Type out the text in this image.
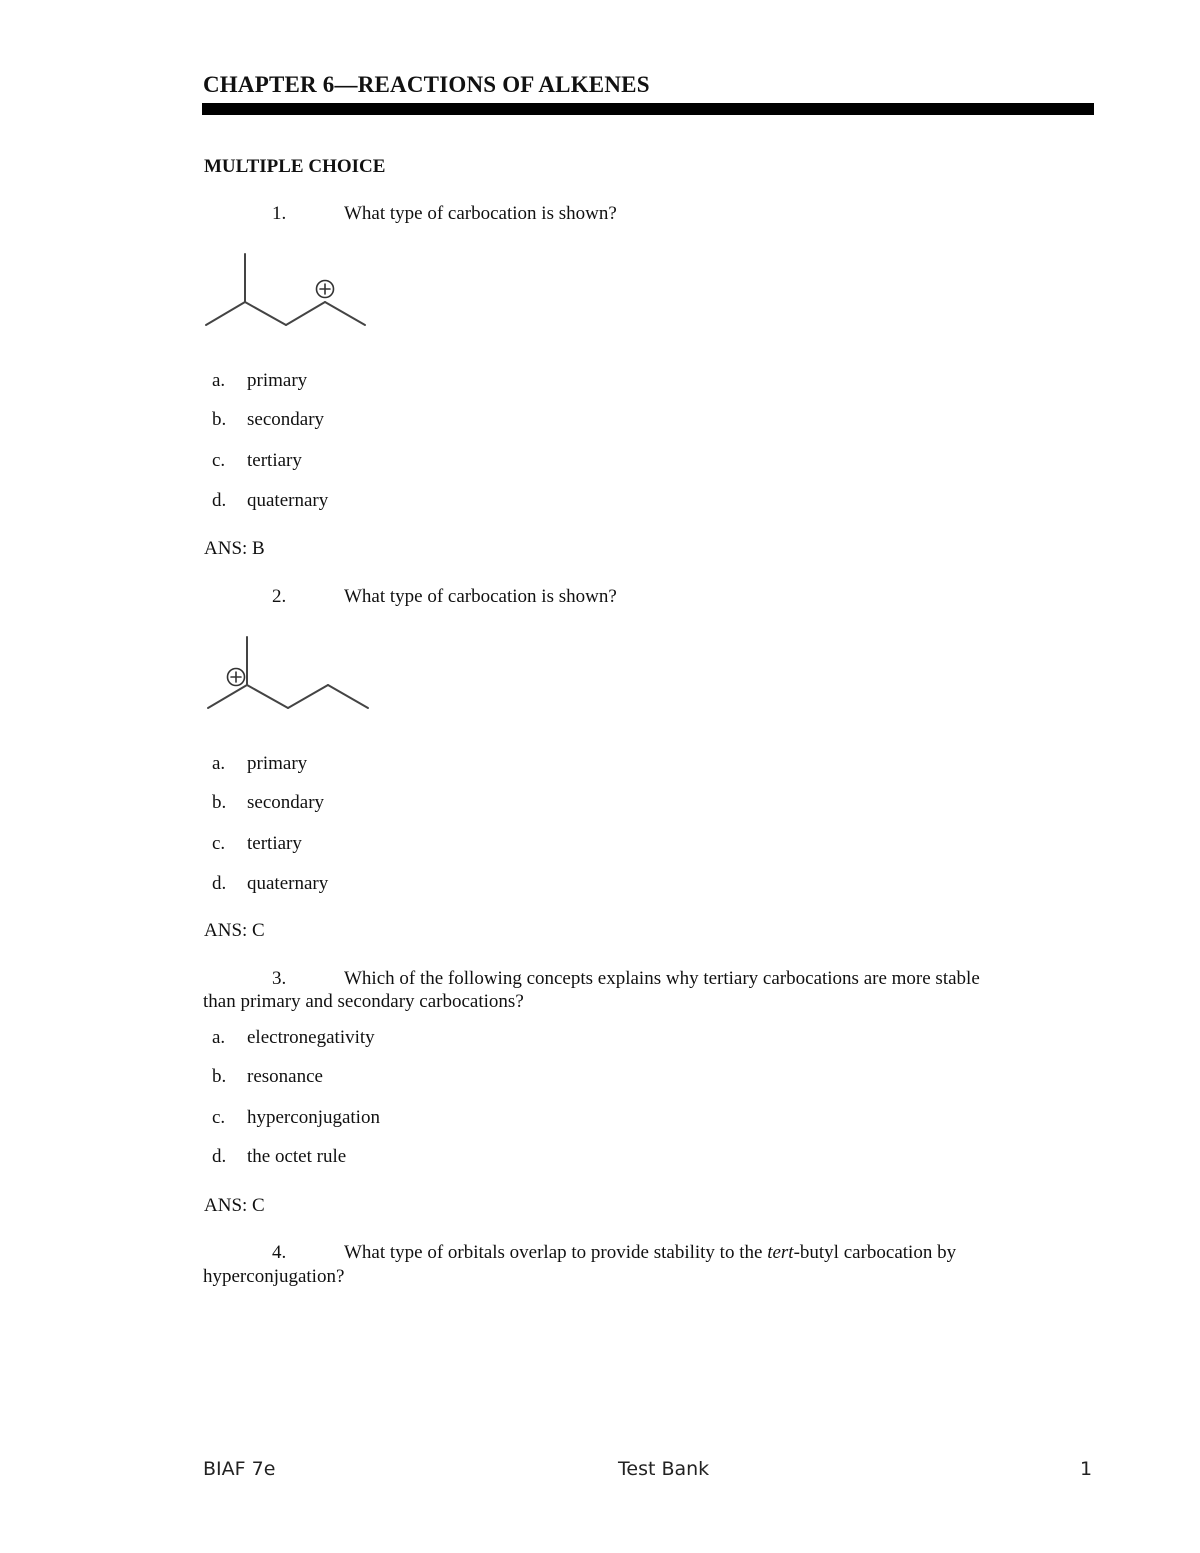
CHAPTER 6—REACTIONS OF ALKENES
MULTIPLE CHOICE
1.	What type of carbocation is shown?
a. primary
b. secondary
c. tertiary
d. quaternary
ANS: B
2.	What type of carbocation is shown?
a. primary
b. secondary
c. tertiary
d. quaternary
ANS: C
3.	Which of the following concepts explains why tertiary carbocations are more stable
than primary and secondary carbocations?
a. electronegativity
b. resonance
c. hyperconjugation
d. the octet rule
ANS: C
4.	What type of orbitals overlap to provide stability to the tert-butyl carbocation by
hyperconjugation?
BIAF 7e	Test Bank	1
